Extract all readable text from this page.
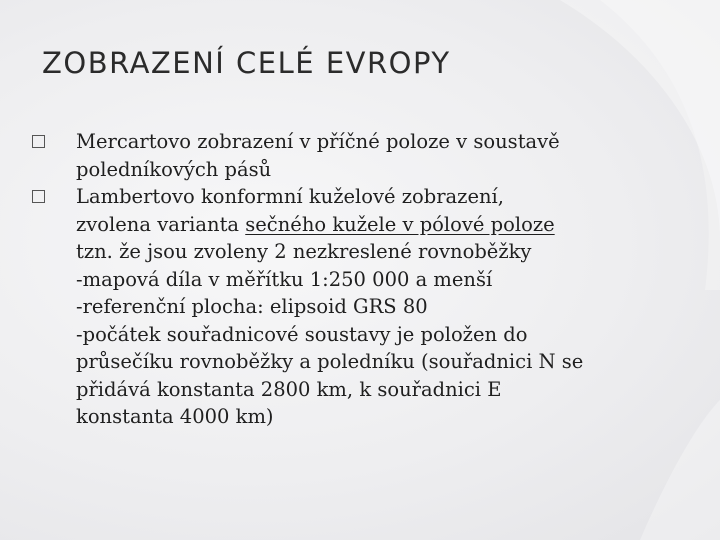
ZOBRAZENÍ CELÉ EVROPY
Mercartovo zobrazení v příčné poloze v soustavě
poledníkových pásů
Lambertovo konformní kuželové zobrazení,
zvolena varianta sečného kužele v pólové poloze
tzn. že jsou zvoleny 2 nezkreslené rovnoběžky
-mapová díla v měřítku 1:250 000 a menší
-referenční plocha: elipsoid GRS 80
-počátek souřadnicové soustavy je položen do
průsečíku rovnoběžky a poledníku (souřadnici N se
přidává konstanta 2800 km, k souřadnici E
konstanta 4000 km)
